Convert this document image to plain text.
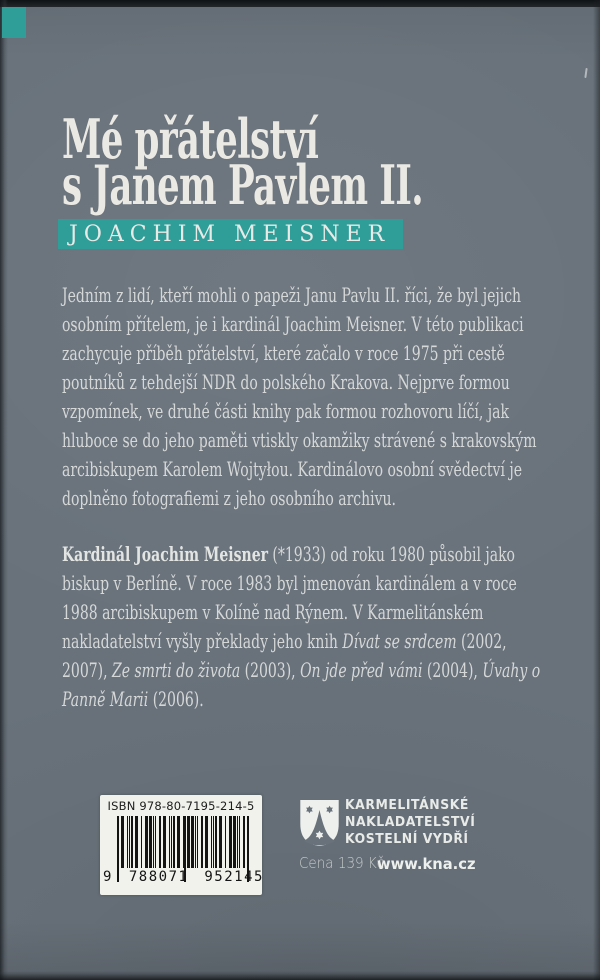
Mé přátelství
s Janem Pavlem II.
JOACHIM MEISNER
Jedním z lidí, kteří mohli o papeži Janu Pavlu II. říci, že byl jejich
osobním přítelem, je i kardinál Joachim Meisner. V této publikaci
zachycuje příběh přátelství, které začalo v roce 1975 při cestě
poutníků z tehdejší NDR do polského Krakova. Nejprve formou
vzpomínek, ve druhé části knihy pak formou rozhovoru líčí, jak
hluboce se do jeho paměti vtiskly okamžiky strávené s krakovským
arcibiskupem Karolem Wojtyłou. Kardinálovo osobní svědectví je
doplněno fotografiemi z jeho osobního archivu.

Kardinál Joachim Meisner (*1933) od roku 1980 působil jako biskup v Berlíně. V roce 1983 byl jmenován kardinálem a v roce 1988 arcibiskupem v Kolíně nad Rýnem. V Karmelitánském nakladatelství vyšly překlady jeho knih Dívat se srdcem (2002, 2007), Ze smrti do života (2003), On jde před vámi (2004), Úvahy o Panně Marii (2006).

ISBN 978-80-7195-214-5
9 788071 952145
KARMELITÁNSKÉ
NAKLADATELSTVÍ
KOSTELNÍ VYDŘÍ
Cena 139 Kč
www.kna.cz
